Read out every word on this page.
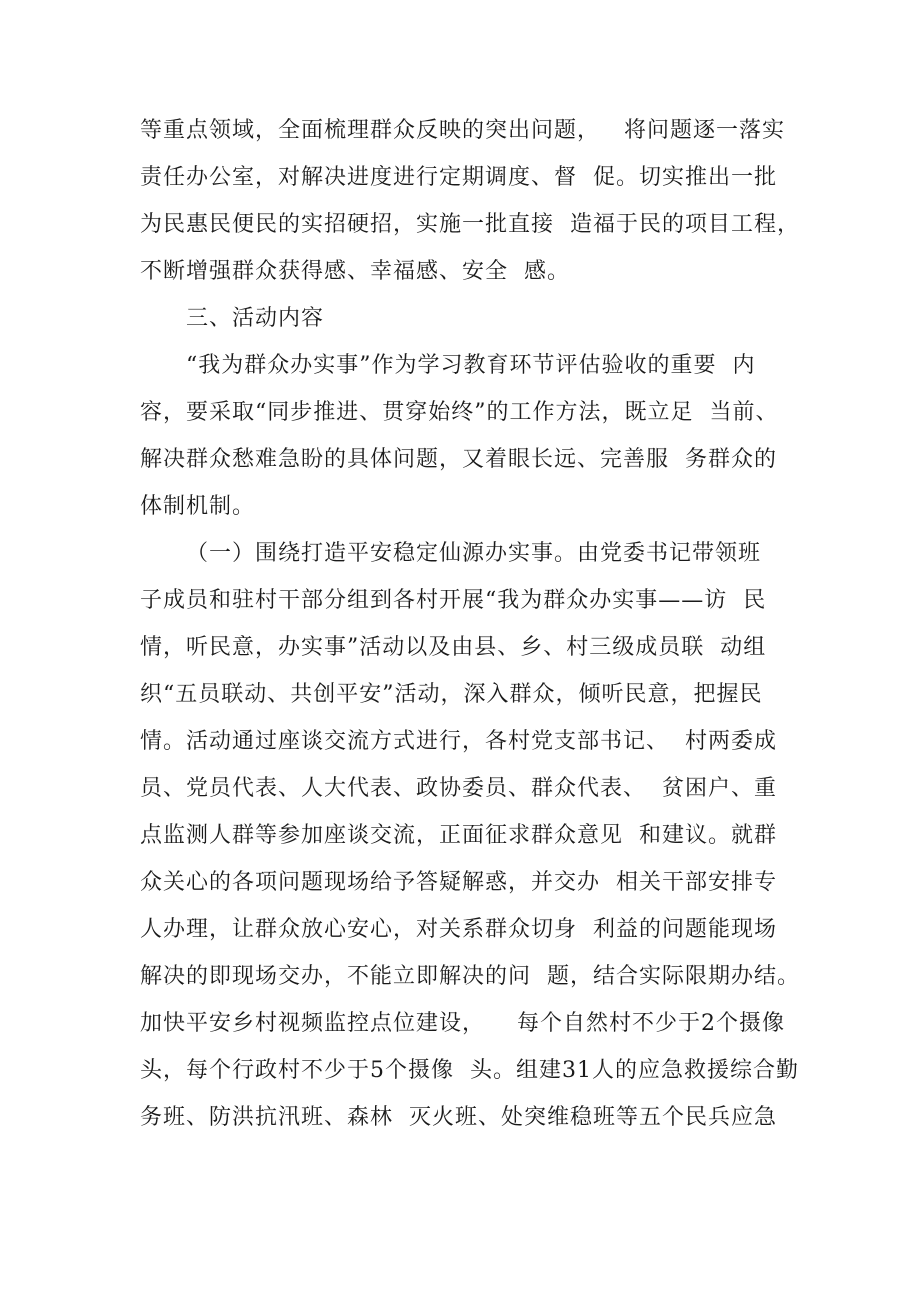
等重点领域，全面梳理群众反映的突出问题，   将问题逐一落实
责任办公室，对解决进度进行定期调度、督  促。切实推出一批
为民惠民便民的实招硬招，实施一批直接  造福于民的项目工程，
不断增强群众获得感、幸福感、安全  感。
三、活动内容
“我为群众办实事”作为学习教育环节评估验收的重要  内
容，要采取“同步推进、贯穿始终”的工作方法，既立足  当前、
解决群众愁难急盼的具体问题，又着眼长远、完善服  务群众的
体制机制。
（一）围绕打造平安稳定仙源办实事。由党委书记带领班
子成员和驻村干部分组到各村开展“我为群众办实事——访  民
情，听民意，办实事”活动以及由县、乡、村三级成员联  动组
织“五员联动、共创平安”活动，深入群众，倾听民意，把握民
情。活动通过座谈交流方式进行，各村党支部书记、  村两委成
员、党员代表、人大代表、政协委员、群众代表、  贫困户、重
点监测人群等参加座谈交流，正面征求群众意见  和建议。就群
众关心的各项问题现场给予答疑解惑，并交办  相关干部安排专
人办理，让群众放心安心，对关系群众切身  利益的问题能现场
解决的即现场交办，不能立即解决的问  题，结合实际限期办结。
加快平安乡村视频监控点位建设，    每个自然村不少于2个摄像
头，每个行政村不少于5个摄像  头。组建31人的应急救援综合勤
务班、防洪抗汛班、森林  灭火班、处突维稳班等五个民兵应急
